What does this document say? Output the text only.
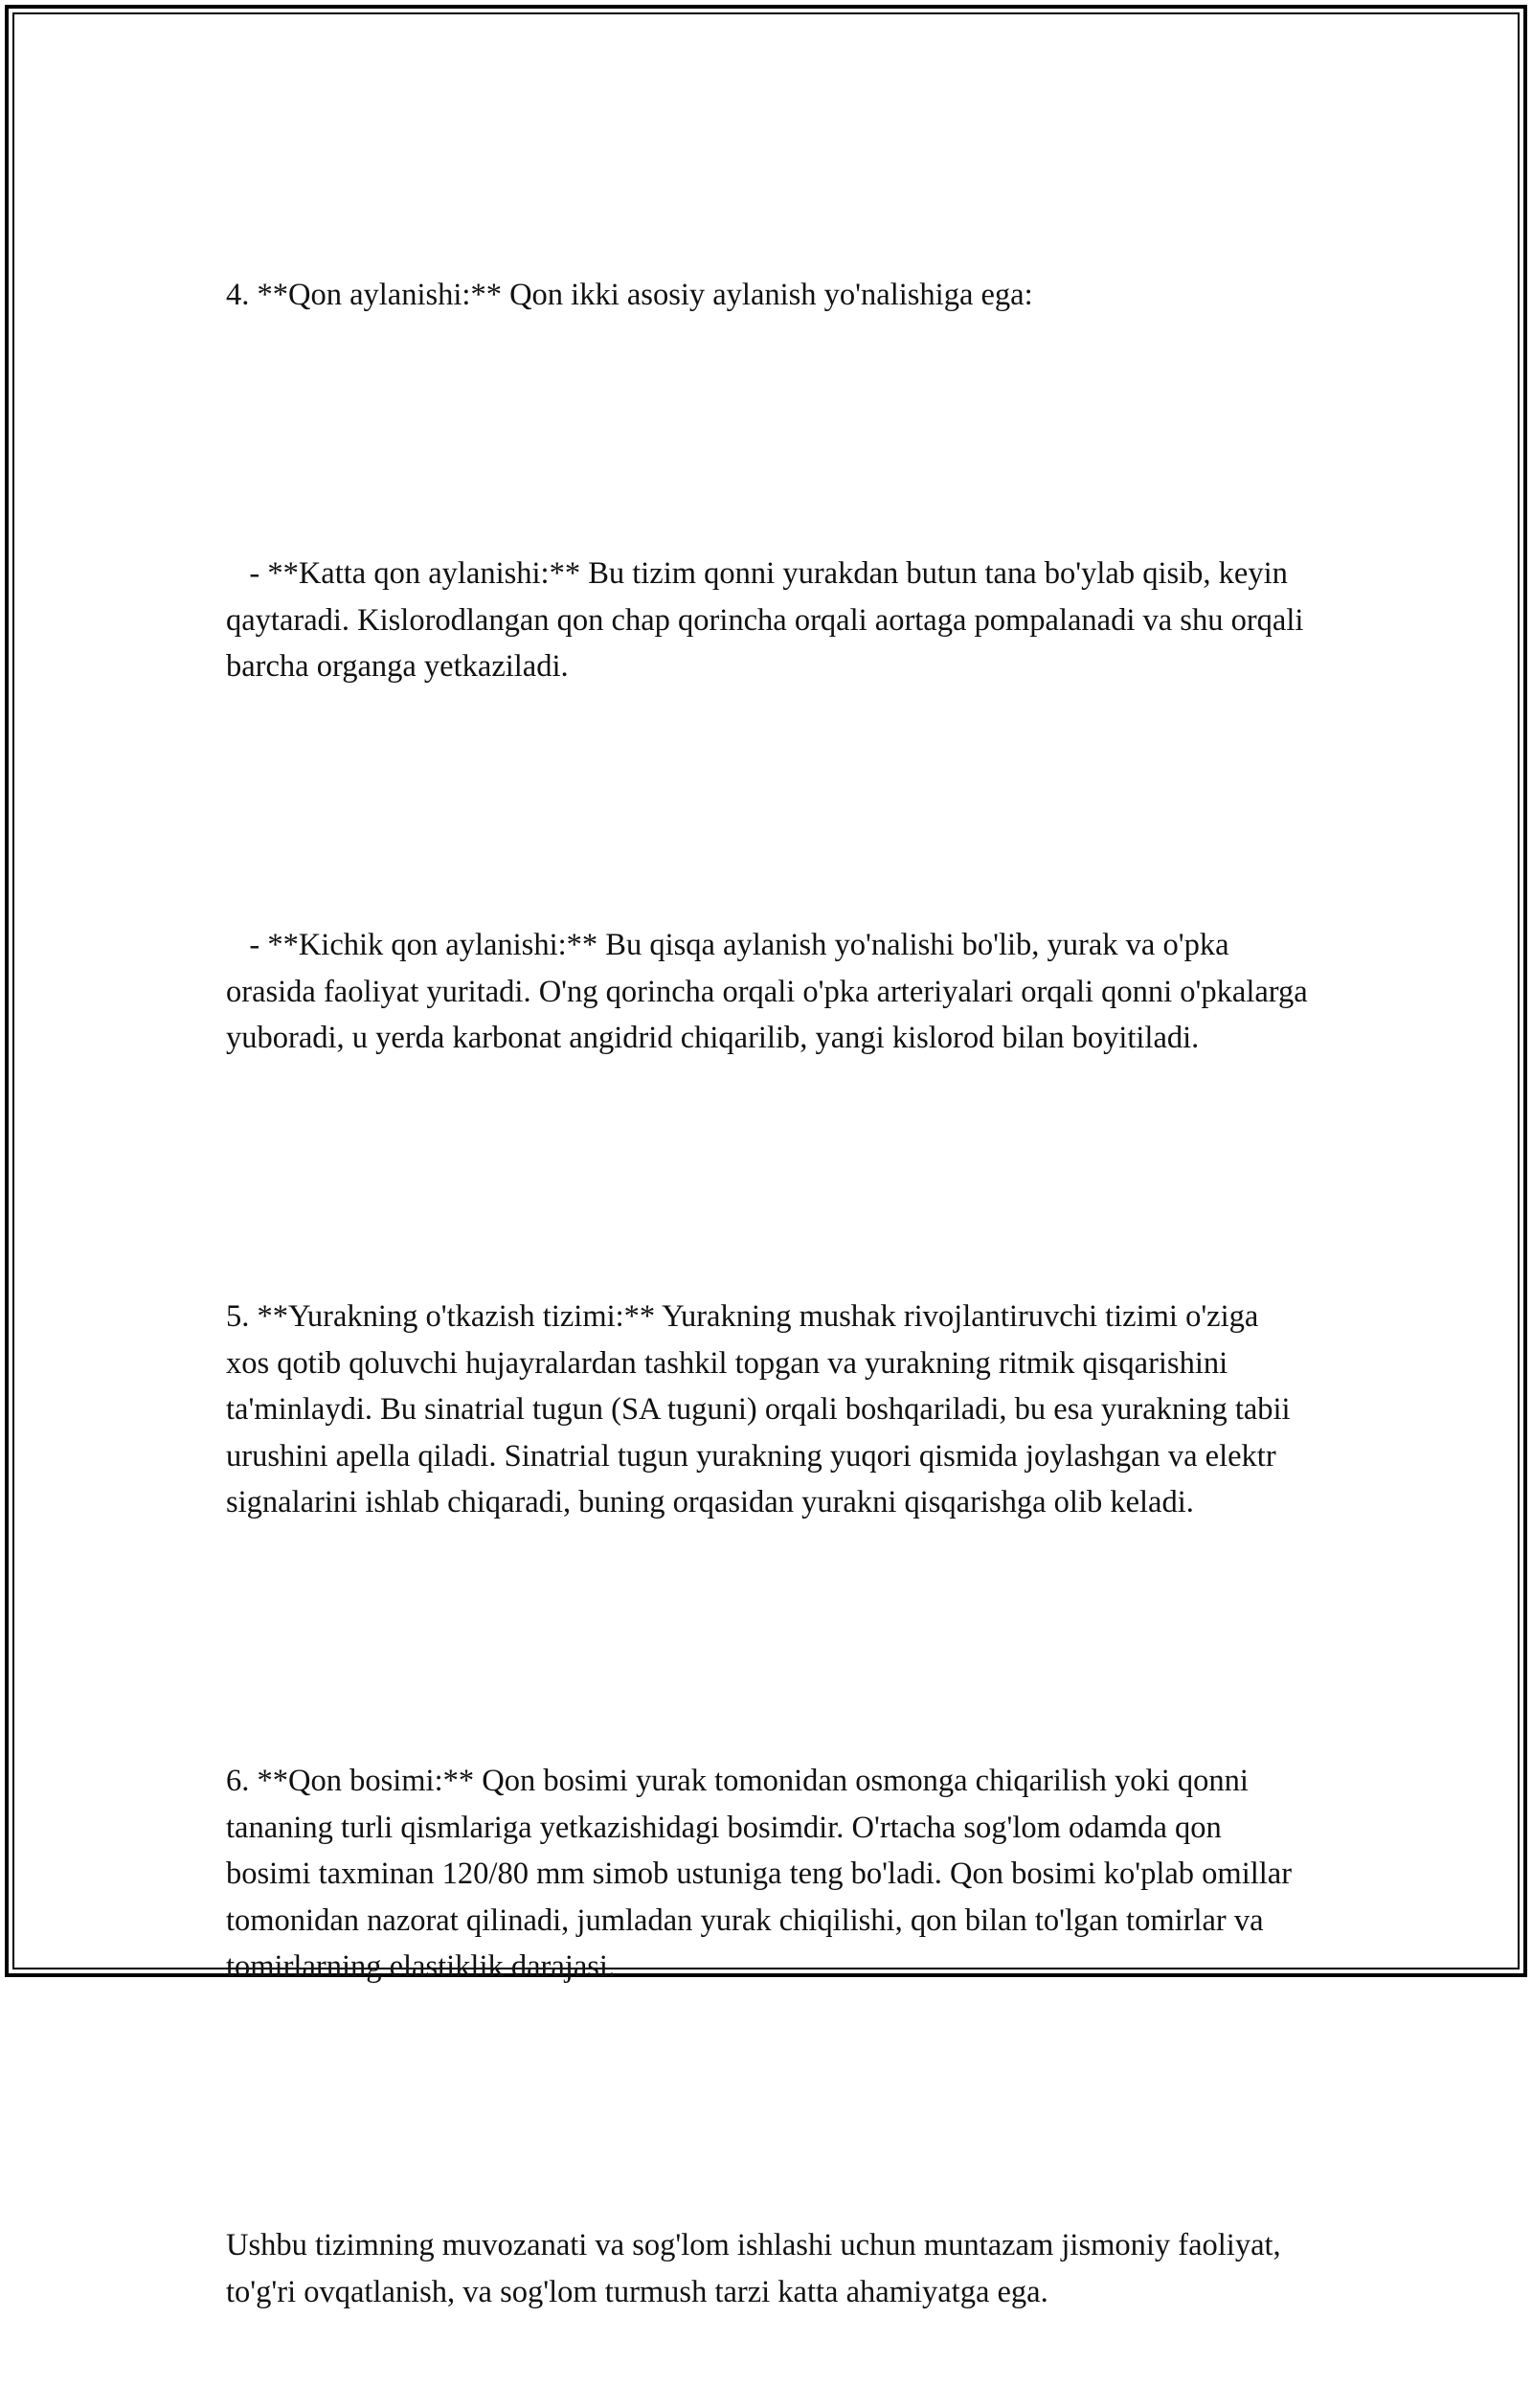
4. **Qon aylanishi:** Qon ikki asosiy aylanish yo'nalishiga ega:

- **Katta qon aylanishi:** Bu tizim qonni yurakdan butun tana bo'ylab qisib, keyin qaytaradi. Kislorodlangan qon chap qorincha orqali aortaga pompalanadi va shu orqali barcha organga yetkaziladi.

- **Kichik qon aylanishi:** Bu qisqa aylanish yo'nalishi bo'lib, yurak va o'pka orasida faoliyat yuritadi. O'ng qorincha orqali o'pka arteriyalari orqali qonni o'pkalarga yuboradi, u yerda karbonat angidrid chiqarilib, yangi kislorod bilan boyitiladi.

5. **Yurakning o'tkazish tizimi:** Yurakning mushak rivojlantiruvchi tizimi o'ziga xos qotib qoluvchi hujayralardan tashkil topgan va yurakning ritmik qisqarishini ta'minlaydi. Bu sinatrial tugun (SA tuguni) orqali boshqariladi, bu esa yurakning tabii urushini apella qiladi. Sinatrial tugun yurakning yuqori qismida joylashgan va elektr signalarini ishlab chiqaradi, buning orqasidan yurakni qisqarishga olib keladi.

6. **Qon bosimi:** Qon bosimi yurak tomonidan osmonga chiqarilish yoki qonni tananing turli qismlariga yetkazishidagi bosimdir. O'rtacha sog'lom odamda qon bosimi taxminan 120/80 mm simob ustuniga teng bo'ladi. Qon bosimi ko'plab omillar tomonidan nazorat qilinadi, jumladan yurak chiqilishi, qon bilan to'lgan tomirlar va tomirlarning elastiklik darajasi.

Ushbu tizimning muvozanati va sog'lom ishlashi uchun muntazam jismoniy faoliyat, to'g'ri ovqatlanish, va sog'lom turmush tarzi katta ahamiyatga ega.
